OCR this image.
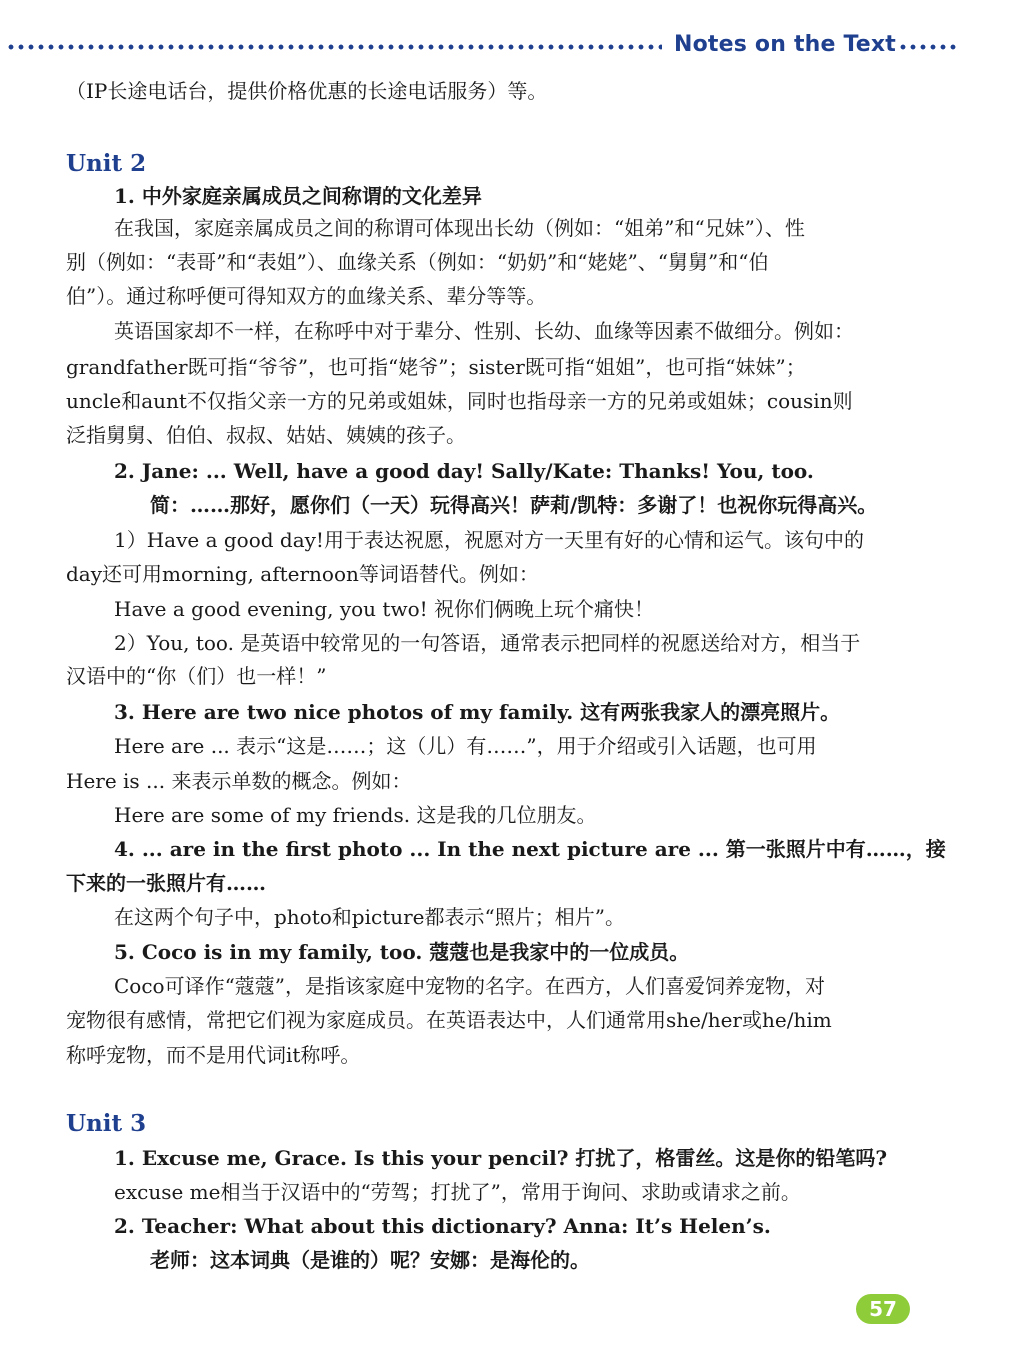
Notes on the Text
（IP长途电话台，提供价格优惠的长途电话服务）等。
Unit 2
1. 中外家庭亲属成员之间称谓的文化差异
在我国，家庭亲属成员之间的称谓可体现出长幼（例如：“姐弟”和“兄妹”）、性
别（例如：“表哥”和“表姐”）、血缘关系（例如：“奶奶”和“姥姥”、“舅舅”和“伯
伯”）。通过称呼便可得知双方的血缘关系、辈分等等。
英语国家却不一样，在称呼中对于辈分、性别、长幼、血缘等因素不做细分。例如：
grandfather既可指“爷爷”，也可指“姥爷”；sister既可指“姐姐”，也可指“妹妹”；
uncle和aunt不仅指父亲一方的兄弟或姐妹，同时也指母亲一方的兄弟或姐妹；cousin则
泛指舅舅、伯伯、叔叔、姑姑、姨姨的孩子。
2. Jane: ... Well, have a good day! Sally/Kate: Thanks! You, too.
简：……那好，愿你们（一天）玩得高兴！萨莉/凯特：多谢了！也祝你玩得高兴。
1）Have a good day!用于表达祝愿，祝愿对方一天里有好的心情和运气。该句中的
day还可用morning, afternoon等词语替代。例如：
Have a good evening, you two! 祝你们俩晚上玩个痛快！
2）You, too. 是英语中较常见的一句答语，通常表示把同样的祝愿送给对方，相当于
汉语中的“你（们）也一样！”
3. Here are two nice photos of my family. 这有两张我家人的漂亮照片。
Here are ... 表示“这是……；这（儿）有……”，用于介绍或引入话题，也可用
Here is ... 来表示单数的概念。例如：
Here are some of my friends. 这是我的几位朋友。
4. ... are in the first photo ... In the next picture are ... 第一张照片中有……，接
下来的一张照片有……
在这两个句子中，photo和picture都表示“照片；相片”。
5. Coco is in my family, too. 蔻蔻也是我家中的一位成员。
Coco可译作“蔻蔻”，是指该家庭中宠物的名字。在西方，人们喜爱饲养宠物，对
宠物很有感情，常把它们视为家庭成员。在英语表达中，人们通常用she/her或he/him
称呼宠物，而不是用代词it称呼。
Unit 3
1. Excuse me, Grace. Is this your pencil? 打扰了，格雷丝。这是你的铅笔吗?
excuse me相当于汉语中的“劳驾；打扰了”，常用于询问、求助或请求之前。
2. Teacher: What about this dictionary? Anna: It’s Helen’s.
老师：这本词典（是谁的）呢？安娜：是海伦的。
57
